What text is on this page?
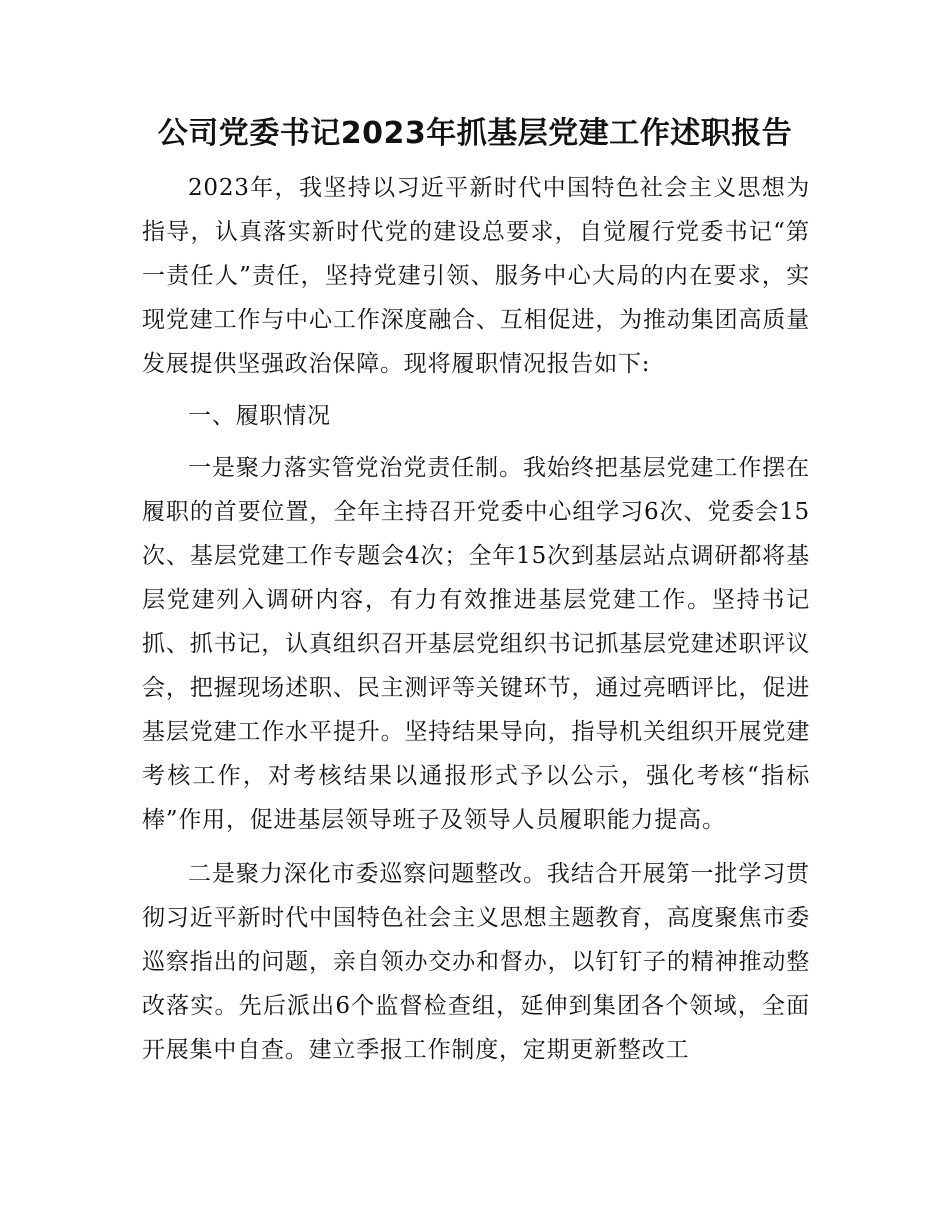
公司党委书记2023年抓基层党建工作述职报告

2023年，我坚持以习近平新时代中国特色社会主义思想为指导，认真落实新时代党的建设总要求，自觉履行党委书记“第一责任人”责任，坚持党建引领、服务中心大局的内在要求，实现党建工作与中心工作深度融合、互相促进，为推动集团高质量发展提供坚强政治保障。现将履职情况报告如下:

一、履职情况

一是聚力落实管党治党责任制。我始终把基层党建工作摆在履职的首要位置，全年主持召开党委中心组学习6次、党委会15次、基层党建工作专题会4次；全年15次到基层站点调研都将基层党建列入调研内容，有力有效推进基层党建工作。坚持书记抓、抓书记，认真组织召开基层党组织书记抓基层党建述职评议会，把握现场述职、民主测评等关键环节，通过亮晒评比，促进基层党建工作水平提升。坚持结果导向，指导机关组织开展党建考核工作，对考核结果以通报形式予以公示，强化考核“指标棒”作用，促进基层领导班子及领导人员履职能力提高。

二是聚力深化市委巡察问题整改。我结合开展第一批学习贯彻习近平新时代中国特色社会主义思想主题教育，高度聚焦市委巡察指出的问题，亲自领办交办和督办，以钉钉子的精神推动整改落实。先后派出6个监督检查组，延伸到集团各个领域，全面开展集中自查。建立季报工作制度，定期更新整改工
